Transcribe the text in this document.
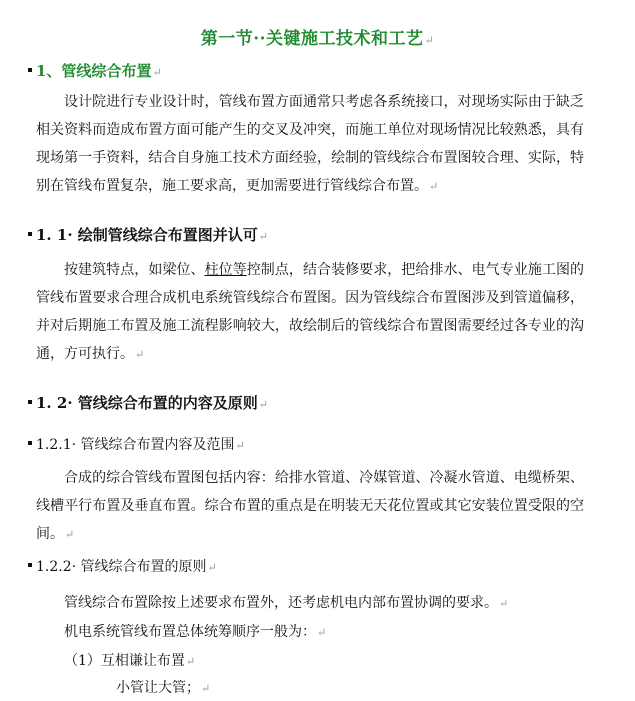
第一节··关键施工技术和工艺↵
1、管线综合布置↵
设计院进行专业设计时，管线布置方面通常只考虑各系统接口，对现场实际由于缺乏相关资料而造成布置方面可能产生的交叉及冲突，而施工单位对现场情况比较熟悉，具有现场第一手资料，结合自身施工技术方面经验，绘制的管线综合布置图较合理、实际，特别在管线布置复杂，施工要求高，更加需要进行管线综合布置。↵
1. 1· 绘制管线综合布置图并认可↵
按建筑特点，如梁位、柱位等控制点，结合装修要求，把给排水、电气专业施工图的管线布置要求合理合成机电系统管线综合布置图。因为管线综合布置图涉及到管道偏移，并对后期施工布置及施工流程影响较大，故绘制后的管线综合布置图需要经过各专业的沟通，方可执行。↵
1. 2· 管线综合布置的内容及原则↵
1.2.1· 管线综合布置内容及范围↵
合成的综合管线布置图包括内容：给排水管道、冷媒管道、冷凝水管道、电缆桥架、线槽平行布置及垂直布置。综合布置的重点是在明装无天花位置或其它安装位置受限的空间。↵
1.2.2· 管线综合布置的原则↵
管线综合布置除按上述要求布置外，还考虑机电内部布置协调的要求。↵
机电系统管线布置总体统筹顺序一般为：↵
（1）互相谦让布置↵
小管让大管；↵
